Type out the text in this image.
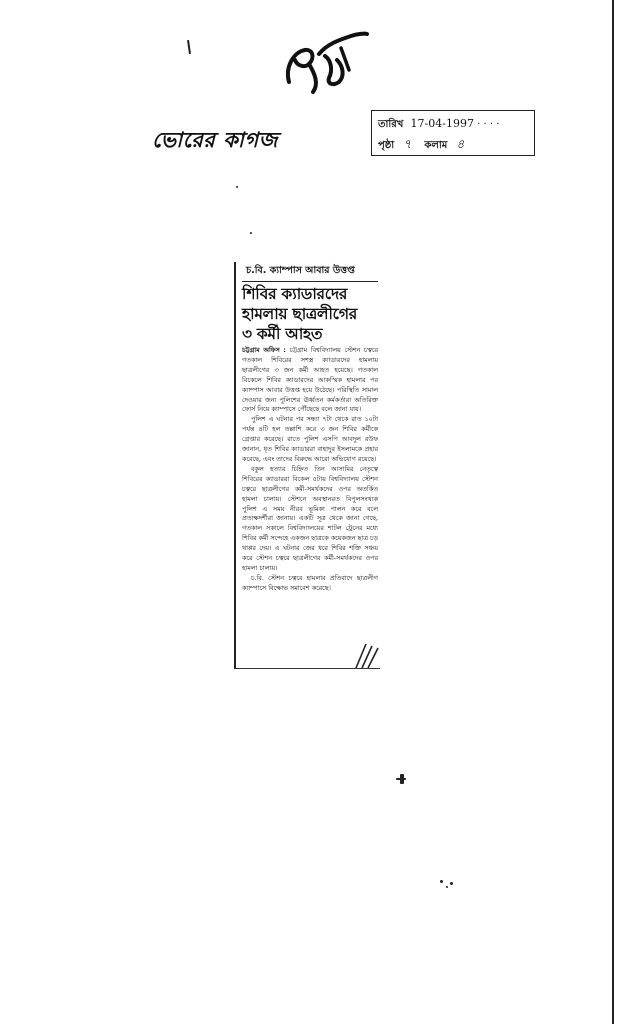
ভোরের কাগজ
তারিখ 17-04-1997 · · · ·
পৃষ্ঠা ৭ কলাম ৪
চ.বি. ক্যাম্পাস আবার উত্তপ্ত
শিবির ক্যাডারদের
হামলায় ছাত্রলীগের
৩ কর্মী আহত

চট্টগ্রাম অফিস : চট্টগ্রাম বিশ্ববিদ্যালয় স্টেশন চত্বরে গতকাল শিবিরের সশস্ত্র ক্যাডারদের হামলায় ছাত্রলীগের ৩ জন কর্মী আহত হয়েছে। গতকাল বিকেলে শিবির ক্যাডারদের আকস্মিক হামলার পর ক্যাম্পাস আবার উত্তপ্ত হয়ে উঠেছে। পরিস্থিতি সামাল দেওয়ার জন্য পুলিশের ঊর্ধ্বতন কর্মকর্তারা অতিরিক্ত ফোর্স নিয়ে ক্যাম্পাসে পৌঁছেছে বলে জানা যায়।

পুলিশ এ ঘটনার পর সন্ধ্যা ৭টা থেকে রাত ১০টা পর্যন্ত ৪টি হল তল্লাশি করে ৩ জন শিবির কর্মীকে গ্রেপ্তার করেছে। রাতে পুলিশ এসপি আবদুল রউফ জানান, ধৃত শিবির ক্যাডাররা বাহাদুর ইসলামকে প্রহার করেছে, এবং তাদের বিরুদ্ধে আরো অভিযোগ রয়েছে।

বকুল হত্যার চিহ্নিত তিন আসামির নেতৃত্বে শিবিরের ক্যাডাররা বিকেল ৫টায় বিশ্ববিদ্যালয় স্টেশন চত্বরে ছাত্রলীগের কর্মী-সমর্থকদের ওপর অতর্কিত হামলা চালায়। স্টেশনে অবস্থানরত বিপুলসংখ্যক পুলিশ এ সময় নীরব ভূমিকা পালন করে বলে প্রত্যক্ষদর্শীরা জানায়। একটি সূত্র থেকে জানা গেছে, গতকাল সকালে বিশ্ববিদ্যালয়ের শাটল ট্রেনের মধ্যে শিবির কর্মী সন্দেহে একজন ছাত্রকে কয়েকজন ছাত্র চড় থাপ্পর দেয়। এ ঘটনার জের ধরে শিবির শক্তি সঞ্চয় করে স্টেশন চত্বরে ছাত্রলীগের কর্মী-সমর্থকদের ওপর হামলা চালায়।

চ.বি. স্টেশন চত্বরে হামলার প্রতিবাদে ছাত্রলীগ ক্যাম্পাসে বিক্ষোভ সমাবেশ করেছে।
